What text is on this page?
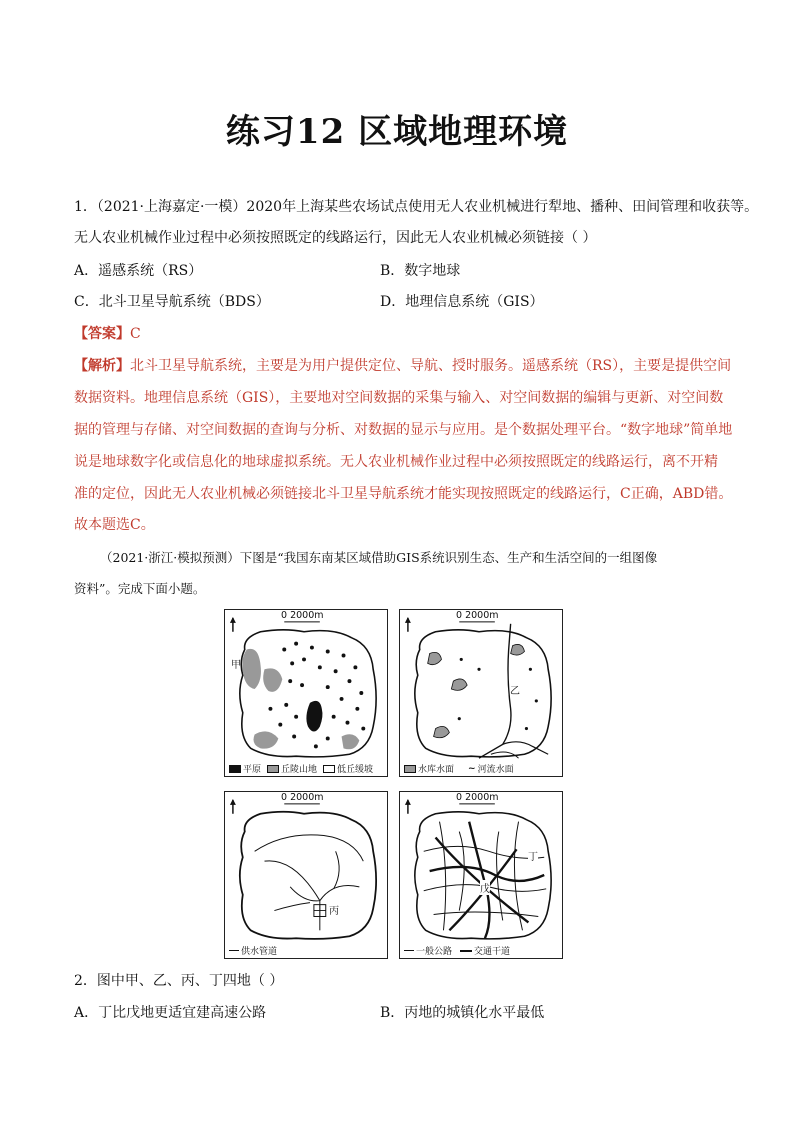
练习12 区域地理环境
1．（2021·上海嘉定·一模）2020年上海某些农场试点使用无人农业机械进行犁地、播种、田间管理和收获等。
无人农业机械作业过程中必须按照既定的线路运行，因此无人农业机械必须链接（ ）
A．遥感系统（RS）	B．数字地球
C．北斗卫星导航系统（BDS）	D．地理信息系统（GIS）
【答案】C
【解析】北斗卫星导航系统，主要是为用户提供定位、导航、授时服务。遥感系统（RS），主要是提供空间
数据资料。地理信息系统（GIS），主要地对空间数据的采集与输入、对空间数据的编辑与更新、对空间数
据的管理与存储、对空间数据的查询与分析、对数据的显示与应用。是个数据处理平台。“数字地球”简单地
说是地球数字化或信息化的地球虚拟系统。无人农业机械作业过程中必须按照既定的线路运行，离不开精
准的定位，因此无人农业机械必须链接北斗卫星导航系统才能实现按照既定的线路运行，C正确，ABD错。
故本题选C。
（2021·浙江·模拟预测）下图是“我国东南某区域借助GIS系统识别生态、生产和生活空间的一组图像
资料”。完成下面小题。
0 2000m
甲
平原 丘陵山地 低丘缓坡
0 2000m
乙
水库水面 ~ 河流水面
0 2000m
丙
供水管道
0 2000m
丁
戊
一般公路 交通干道
2．图中甲、乙、丙、丁四地（ ）
A．丁比戊地更适宜建高速公路	B．丙地的城镇化水平最低
